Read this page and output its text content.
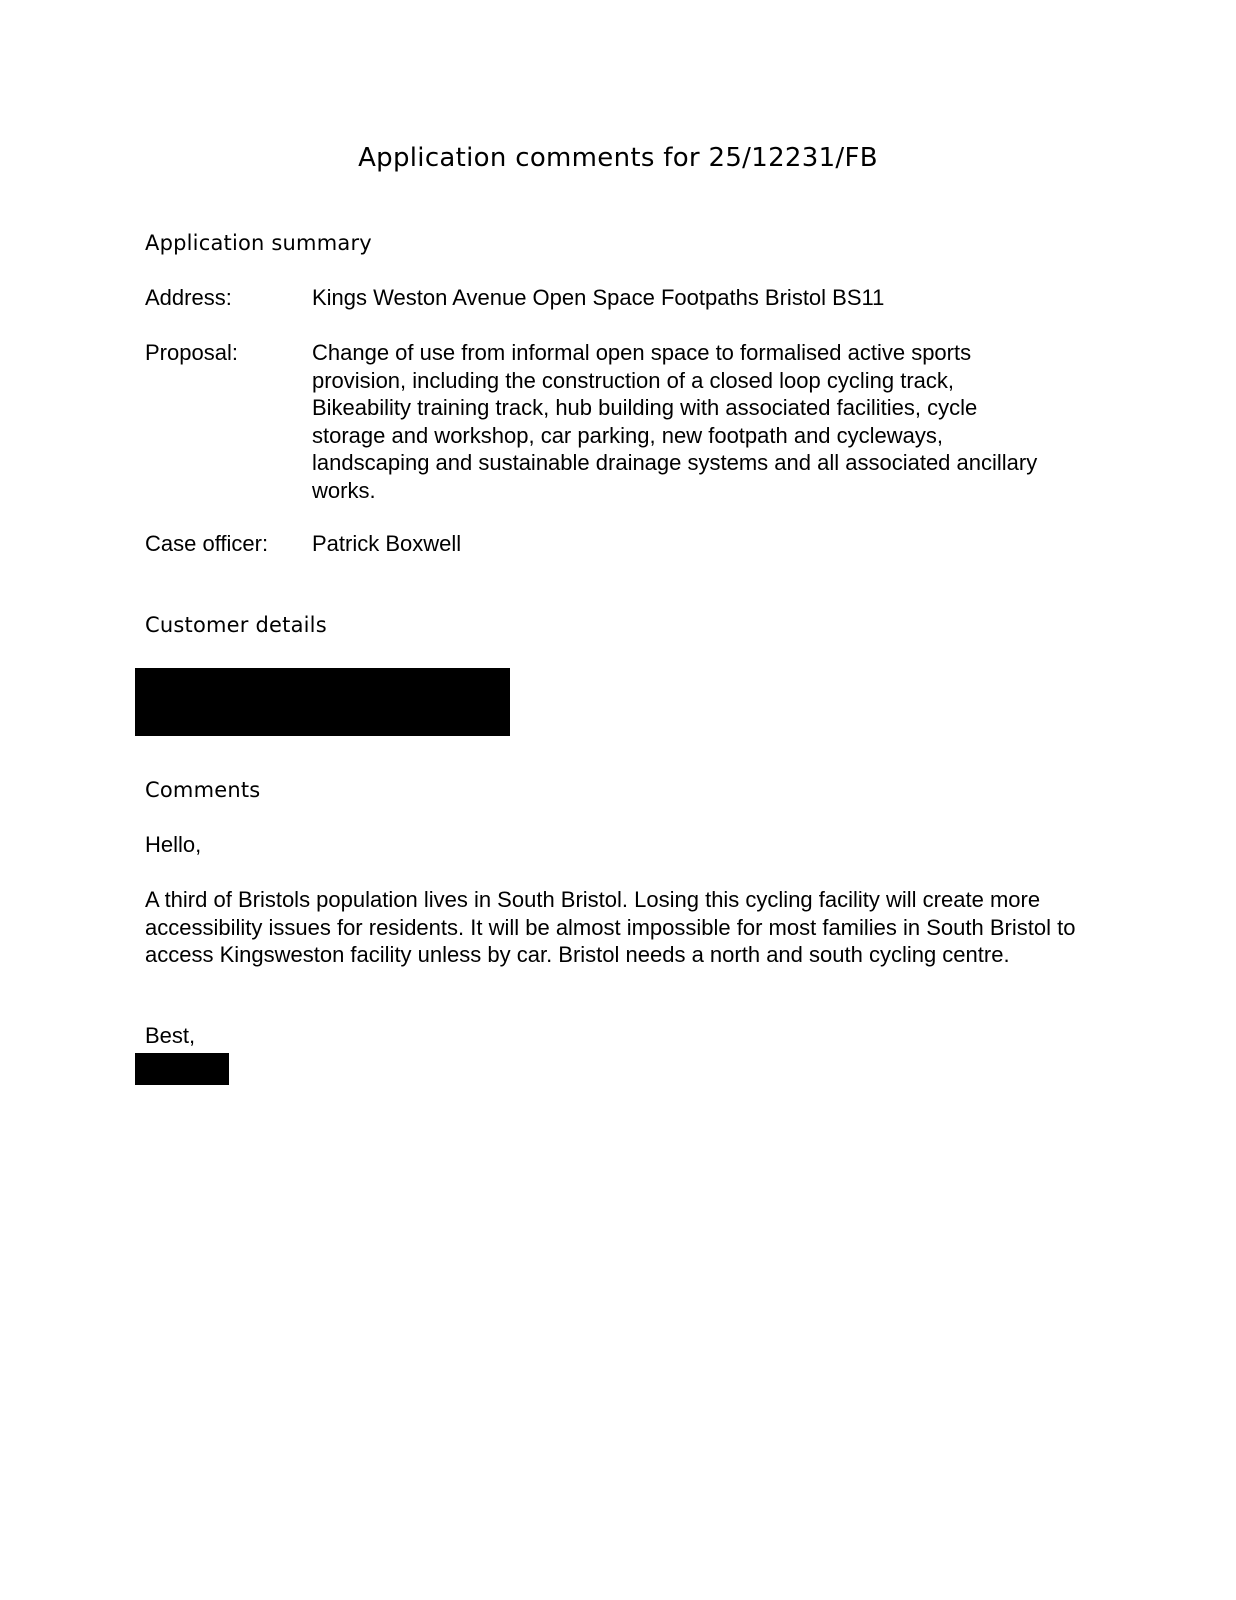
Application comments for 25/12231/FB
Application summary
Address:	Kings Weston Avenue Open Space Footpaths Bristol BS11
Proposal:	Change of use from informal open space to formalised active sports provision, including the construction of a closed loop cycling track, Bikeability training track, hub building with associated facilities, cycle storage and workshop, car parking, new footpath and cycleways, landscaping and sustainable drainage systems and all associated ancillary works.
Case officer: Patrick Boxwell
Customer details
Comments

Hello,

A third of Bristols population lives in South Bristol. Losing this cycling facility will create more accessibility issues for residents. It will be almost impossible for most families in South Bristol to access Kingsweston facility unless by car. Bristol needs a north and south cycling centre.

Best,
